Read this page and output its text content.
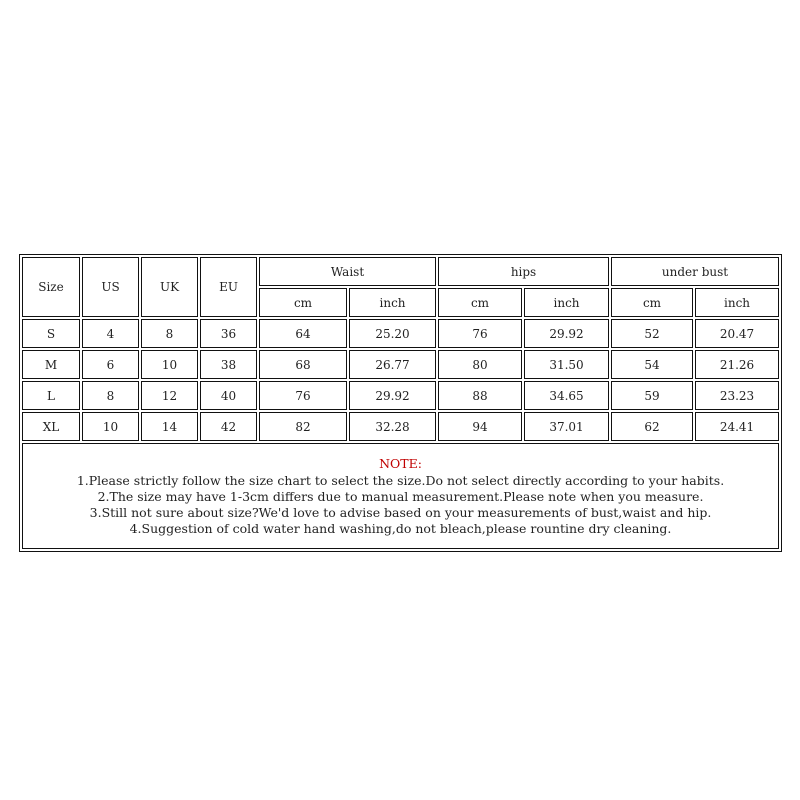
Size	US	UK	EU	Waist		hips		under bust	
				cm	inch	cm	inch	cm	inch
S	4	8	36	64	25.20	76	29.92	52	20.47
M	6	10	38	68	26.77	80	31.50	54	21.26
L	8	12	40	76	29.92	88	34.65	59	23.23
XL	10	14	42	82	32.28	94	37.01	62	24.41

NOTE:
1.Please strictly follow the size chart to select the size.Do not select directly according to your habits.
2.The size may have 1-3cm differs due to manual measurement.Please note when you measure.
3.Still not sure about size?We'd love to advise based on your measurements of bust,waist and hip.
4.Suggestion of cold water hand washing,do not bleach,please rountine dry cleaning.									
